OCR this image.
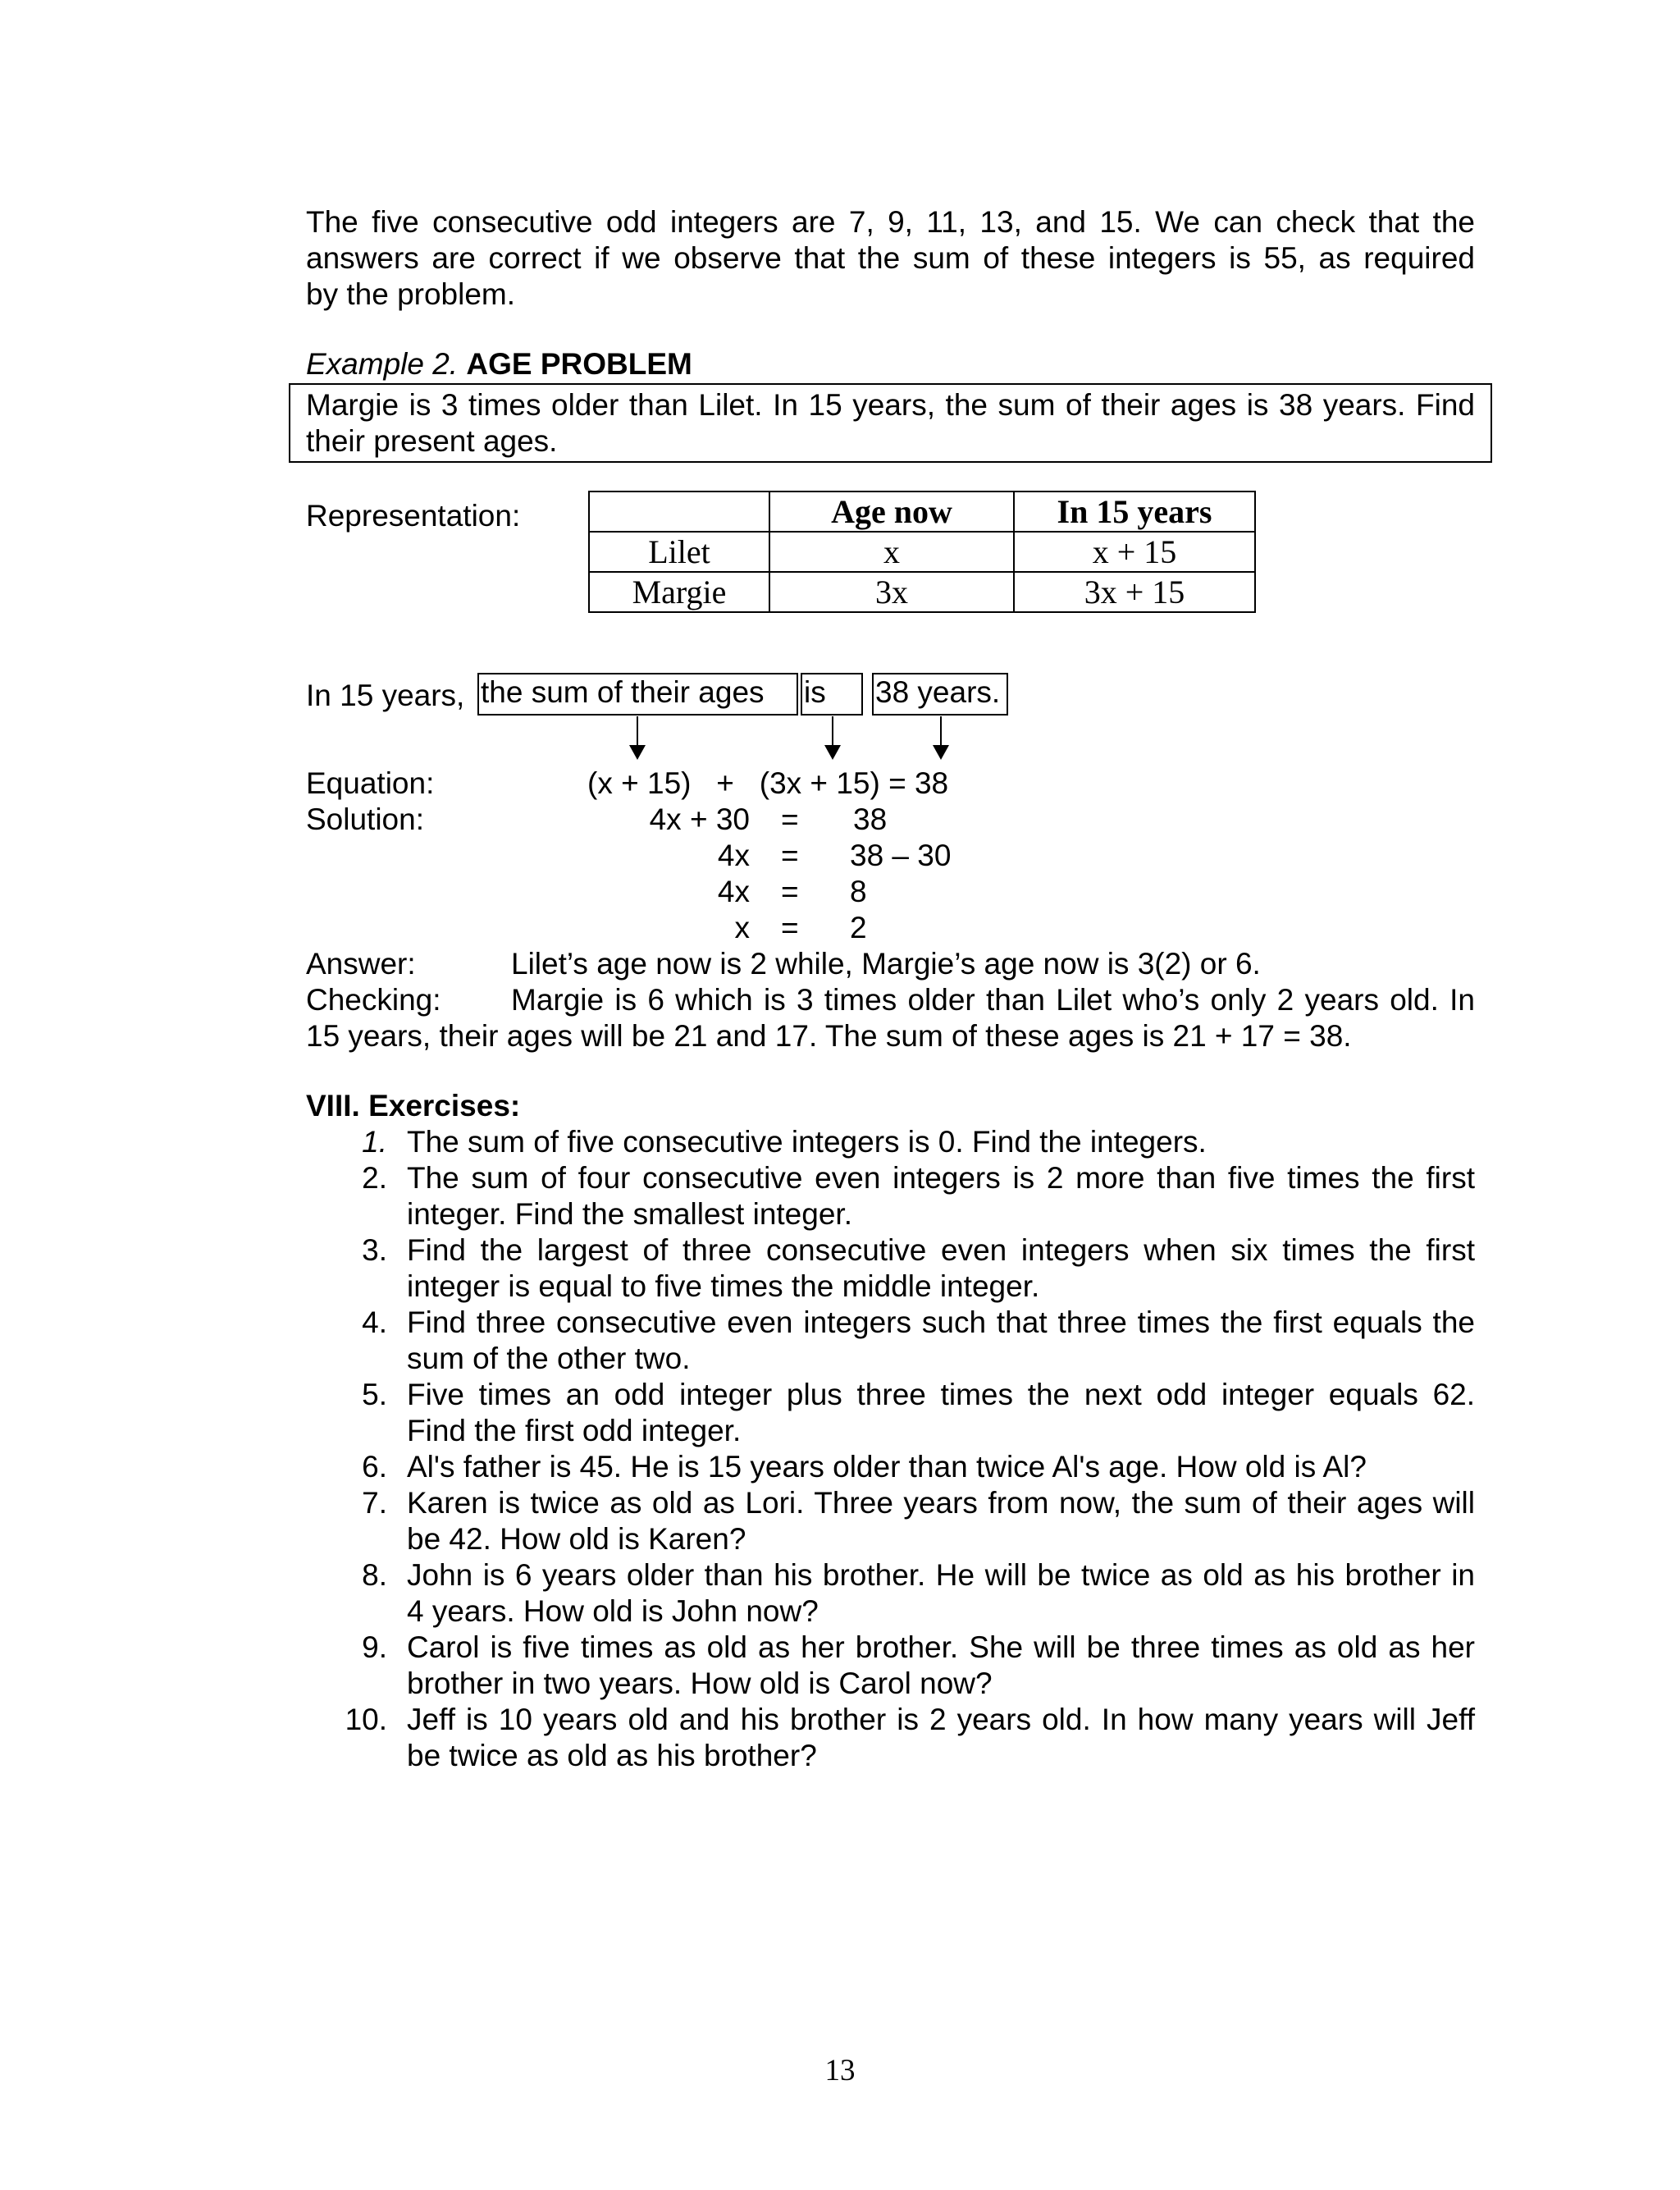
The five consecutive odd integers are 7, 9, 11, 13, and 15. We can check that the
answers are correct if we observe that the sum of these integers is 55, as required
by the problem.
Example 2. AGE PROBLEM
Margie is 3 times older than Lilet. In 15 years, the sum of their ages is 38 years. Find
their present ages.
Representation:
		Age now	In 15 years
Lilet	x	x + 15
Margie	3x	3x + 15
In 15 years, the sum of their ages	is	38 years.
Equation:	(x + 15)   +   (3x + 15) = 38
Solution:	4x + 30 = 38
4x = 38 – 30
4x = 8
x = 2
Answer:	Lilet’s age now is 2 while, Margie’s age now is 3(2) or 6.
Checking: Margie is 6 which is 3 times older than Lilet who’s only 2 years old. In
15 years, their ages will be 21 and 17. The sum of these ages is 21 + 17 = 38.
VIII. Exercises:
1. The sum of five consecutive integers is 0. Find the integers.
2. The sum of four consecutive even integers is 2 more than five times the first
integer. Find the smallest integer.
3. Find the largest of three consecutive even integers when six times the first
integer is equal to five times the middle integer.
4. Find three consecutive even integers such that three times the first equals the
sum of the other two.
5. Five times an odd integer plus three times the next odd integer equals 62.
Find the first odd integer.
6. Al's father is 45. He is 15 years older than twice Al's age. How old is Al?
7. Karen is twice as old as Lori. Three years from now, the sum of their ages will
be 42. How old is Karen?
8. John is 6 years older than his brother. He will be twice as old as his brother in
4 years. How old is John now?
9. Carol is five times as old as her brother. She will be three times as old as her
brother in two years. How old is Carol now?
10. Jeff is 10 years old and his brother is 2 years old. In how many years will Jeff
be twice as old as his brother?
13
